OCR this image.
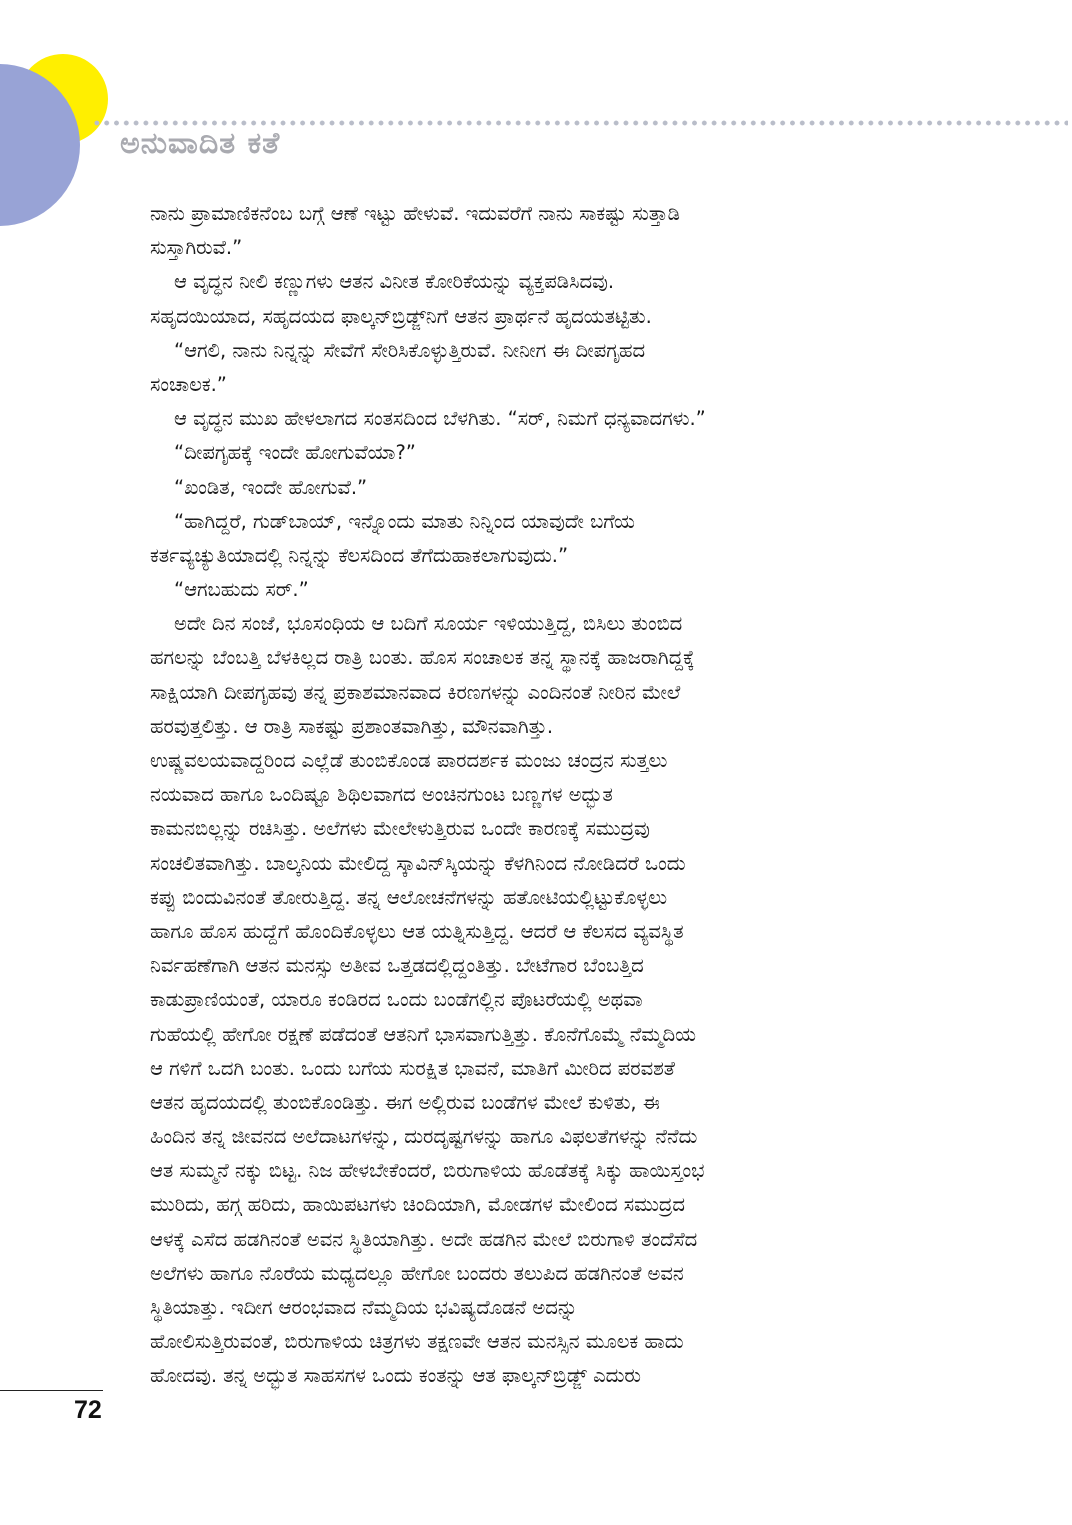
ಅನುವಾದಿತ ಕತೆ
ನಾನು ಪ್ರಾಮಾಣಿಕನೆಂಬ ಬಗ್ಗೆ ಆಣೆ ಇಟ್ಟು ಹೇಳುವೆ. ಇದುವರೆಗೆ ನಾನು ಸಾಕಷ್ಟು ಸುತ್ತಾಡಿ
ಸುಸ್ತಾಗಿರುವೆ.”
ಆ ವೃದ್ಧನ ನೀಲಿ ಕಣ್ಣುಗಳು ಆತನ ವಿನೀತ ಕೋರಿಕೆಯನ್ನು ವ್ಯಕ್ತಪಡಿಸಿದವು.
ಸಹೃದಯಿಯಾದ, ಸಹೃದಯದ ಫಾಲ್ಕನ್‌ಬ್ರಿಡ್ಜ್‌ನಿಗೆ ಆತನ ಪ್ರಾರ್ಥನೆ ಹೃದಯತಟ್ಟಿತು.
“ಆಗಲಿ, ನಾನು ನಿನ್ನನ್ನು ಸೇವೆಗೆ ಸೇರಿಸಿಕೊಳ್ಳುತ್ತಿರುವೆ. ನೀನೀಗ ಈ ದೀಪಗೃಹದ
ಸಂಚಾಲಕ.”
ಆ ವೃದ್ಧನ ಮುಖ ಹೇಳಲಾಗದ ಸಂತಸದಿಂದ ಬೆಳಗಿತು. “ಸರ್, ನಿಮಗೆ ಧನ್ಯವಾದಗಳು.”
“ದೀಪಗೃಹಕ್ಕೆ ಇಂದೇ ಹೋಗುವೆಯಾ?”
“ಖಂಡಿತ, ಇಂದೇ ಹೋಗುವೆ.”
“ಹಾಗಿದ್ದರೆ, ಗುಡ್‌ಬಾಯ್, ಇನ್ನೊಂದು ಮಾತು ನಿನ್ನಿಂದ ಯಾವುದೇ ಬಗೆಯ
ಕರ್ತವ್ಯಚ್ಯುತಿಯಾದಲ್ಲಿ ನಿನ್ನನ್ನು ಕೆಲಸದಿಂದ ತೆಗೆದುಹಾಕಲಾಗುವುದು.”
“ಆಗಬಹುದು ಸರ್.”
ಅದೇ ದಿನ ಸಂಜೆ, ಭೂಸಂಧಿಯ ಆ ಬದಿಗೆ ಸೂರ್ಯ ಇಳಿಯುತ್ತಿದ್ದ, ಬಿಸಿಲು ತುಂಬಿದ
ಹಗಲನ್ನು ಬೆಂಬತ್ತಿ ಬೆಳಕಿಲ್ಲದ ರಾತ್ರಿ ಬಂತು. ಹೊಸ ಸಂಚಾಲಕ ತನ್ನ ಸ್ಥಾನಕ್ಕೆ ಹಾಜರಾಗಿದ್ದಕ್ಕೆ
ಸಾಕ್ಷಿಯಾಗಿ ದೀಪಗೃಹವು ತನ್ನ ಪ್ರಕಾಶಮಾನವಾದ ಕಿರಣಗಳನ್ನು ಎಂದಿನಂತೆ ನೀರಿನ ಮೇಲೆ
ಹರವುತ್ತಲಿತ್ತು. ಆ ರಾತ್ರಿ ಸಾಕಷ್ಟು ಪ್ರಶಾಂತವಾಗಿತ್ತು, ಮೌನವಾಗಿತ್ತು.
ಉಷ್ಣವಲಯವಾದ್ದರಿಂದ ಎಲ್ಲೆಡೆ ತುಂಬಿಕೊಂಡ ಪಾರದರ್ಶಕ ಮಂಜು ಚಂದ್ರನ ಸುತ್ತಲು
ನಯವಾದ ಹಾಗೂ ಒಂದಿಷ್ಟೂ ಶಿಥಿಲವಾಗದ ಅಂಚಿನಗುಂಟ ಬಣ್ಣಗಳ ಅದ್ಭುತ
ಕಾಮನಬಿಲ್ಲನ್ನು ರಚಿಸಿತ್ತು. ಅಲೆಗಳು ಮೇಲೇಳುತ್ತಿರುವ ಒಂದೇ ಕಾರಣಕ್ಕೆ ಸಮುದ್ರವು
ಸಂಚಲಿತವಾಗಿತ್ತು. ಬಾಲ್ಕನಿಯ ಮೇಲಿದ್ದ ಸ್ಕಾವಿನ್‌ಸ್ಕಿಯನ್ನು ಕೆಳಗಿನಿಂದ ನೋಡಿದರೆ ಒಂದು
ಕಪ್ಪು ಬಿಂದುವಿನಂತೆ ತೋರುತ್ತಿದ್ದ. ತನ್ನ ಆಲೋಚನೆಗಳನ್ನು ಹತೋಟಿಯಲ್ಲಿಟ್ಟುಕೊಳ್ಳಲು
ಹಾಗೂ ಹೊಸ ಹುದ್ದೆಗೆ ಹೊಂದಿಕೊಳ್ಳಲು ಆತ ಯತ್ನಿಸುತ್ತಿದ್ದ. ಆದರೆ ಆ ಕೆಲಸದ ವ್ಯವಸ್ಥಿತ
ನಿರ್ವಹಣೆಗಾಗಿ ಆತನ ಮನಸ್ಸು ಅತೀವ ಒತ್ತಡದಲ್ಲಿದ್ದಂತಿತ್ತು. ಬೇಟೆಗಾರ ಬೆಂಬತ್ತಿದ
ಕಾಡುಪ್ರಾಣಿಯಂತೆ, ಯಾರೂ ಕಂಡಿರದ ಒಂದು ಬಂಡೆಗಲ್ಲಿನ ಪೊಟರೆಯಲ್ಲಿ ಅಥವಾ
ಗುಹೆಯಲ್ಲಿ ಹೇಗೋ ರಕ್ಷಣೆ ಪಡೆದಂತೆ ಆತನಿಗೆ ಭಾಸವಾಗುತ್ತಿತ್ತು. ಕೊನೆಗೊಮ್ಮೆ ನೆಮ್ಮದಿಯ
ಆ ಗಳಿಗೆ ಒದಗಿ ಬಂತು. ಒಂದು ಬಗೆಯ ಸುರಕ್ಷಿತ ಭಾವನೆ, ಮಾತಿಗೆ ಮೀರಿದ ಪರವಶತೆ
ಆತನ ಹೃದಯದಲ್ಲಿ ತುಂಬಿಕೊಂಡಿತ್ತು. ಈಗ ಅಲ್ಲಿರುವ ಬಂಡೆಗಳ ಮೇಲೆ ಕುಳಿತು, ಈ
ಹಿಂದಿನ ತನ್ನ ಜೀವನದ ಅಲೆದಾಟಗಳನ್ನು, ದುರದೃಷ್ಟಗಳನ್ನು ಹಾಗೂ ವಿಫಲತೆಗಳನ್ನು ನೆನೆದು
ಆತ ಸುಮ್ಮನೆ ನಕ್ಕು ಬಿಟ್ಟ. ನಿಜ ಹೇಳಬೇಕೆಂದರೆ, ಬಿರುಗಾಳಿಯ ಹೊಡೆತಕ್ಕೆ ಸಿಕ್ಕು ಹಾಯಿಸ್ತಂಭ
ಮುರಿದು, ಹಗ್ಗ ಹರಿದು, ಹಾಯಿಪಟಗಳು ಚಿಂದಿಯಾಗಿ, ಮೋಡಗಳ ಮೇಲಿಂದ ಸಮುದ್ರದ
ಆಳಕ್ಕೆ ಎಸೆದ ಹಡಗಿನಂತೆ ಅವನ ಸ್ಥಿತಿಯಾಗಿತ್ತು. ಅದೇ ಹಡಗಿನ ಮೇಲೆ ಬಿರುಗಾಳಿ ತಂದೆಸೆದ
ಅಲೆಗಳು ಹಾಗೂ ನೊರೆಯ ಮಧ್ಯದಲ್ಲೂ ಹೇಗೋ ಬಂದರು ತಲುಪಿದ ಹಡಗಿನಂತೆ ಅವನ
ಸ್ಥಿತಿಯಾತ್ತು. ಇದೀಗ ಆರಂಭವಾದ ನೆಮ್ಮದಿಯ ಭವಿಷ್ಯದೊಡನೆ ಅದನ್ನು
ಹೋಲಿಸುತ್ತಿರುವಂತೆ, ಬಿರುಗಾಳಿಯ ಚಿತ್ರಗಳು ತಕ್ಷಣವೇ ಆತನ ಮನಸ್ಸಿನ ಮೂಲಕ ಹಾದು
ಹೋದವು. ತನ್ನ ಅದ್ಭುತ ಸಾಹಸಗಳ ಒಂದು ಕಂತನ್ನು ಆತ ಫಾಲ್ಕನ್‌ಬ್ರಿಡ್ಜ್ ಎದುರು
72
